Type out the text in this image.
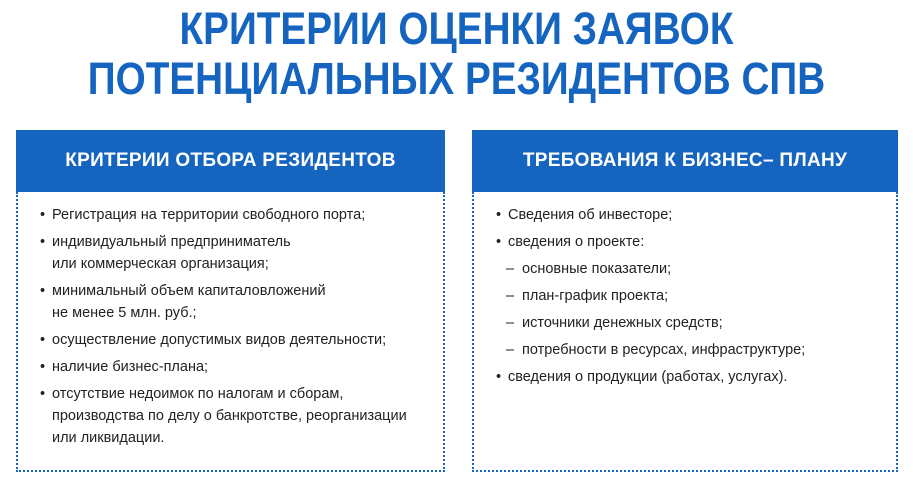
КРИТЕРИИ ОЦЕНКИ ЗАЯВОК
ПОТЕНЦИАЛЬНЫХ РЕЗИДЕНТОВ СПВ
КРИТЕРИИ ОТБОРА РЕЗИДЕНТОВ
• Регистрация на территории свободного порта;
• индивидуальный предприниматель
или коммерческая организация;
• минимальный объем капиталовложений
не менее 5 млн. руб.;
• осуществление допустимых видов деятельности;
• наличие бизнес-плана;
• отсутствие недоимок по налогам и сборам,
производства по делу о банкротстве, реорганизации
или ликвидации.
ТРЕБОВАНИЯ К БИЗНЕС– ПЛАНУ
• Сведения об инвесторе;
• сведения о проекте:
– основные показатели;
– план-график проекта;
– источники денежных средств;
– потребности в ресурсах, инфраструктуре;
• сведения о продукции (работах, услугах).
